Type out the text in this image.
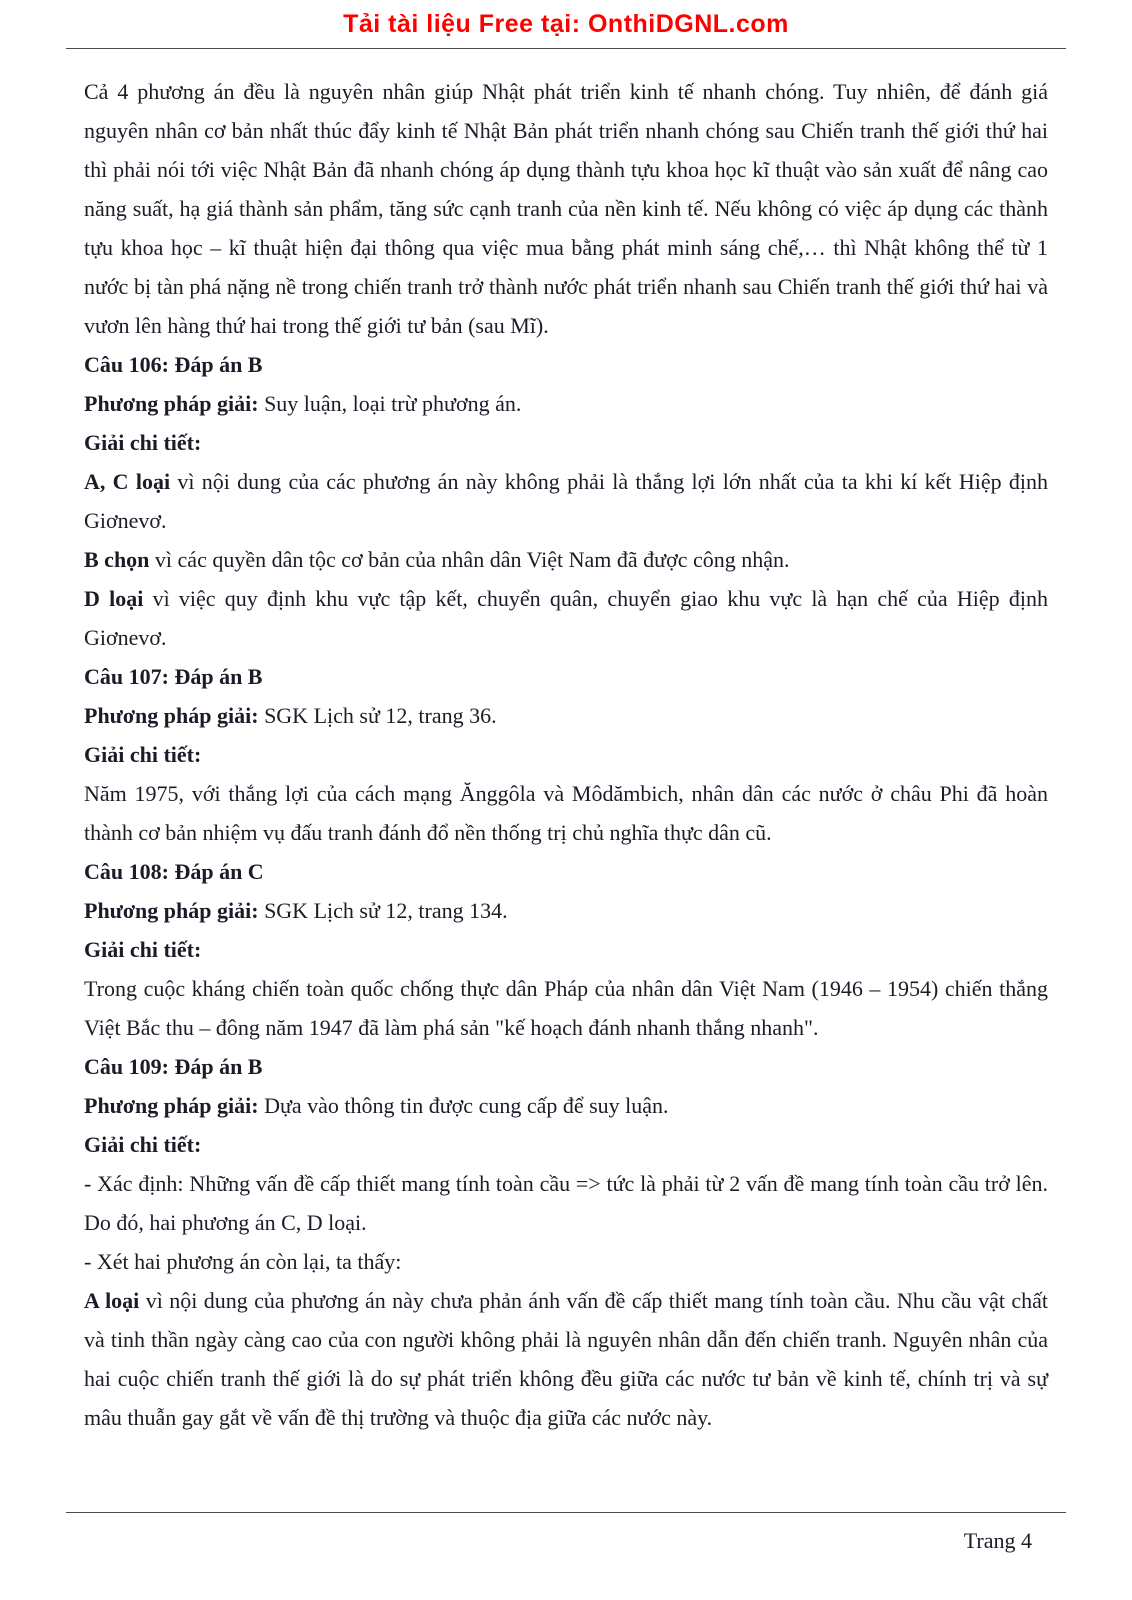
Tải tài liệu Free tại: OnthiDGNL.com

Cả 4 phương án đều là nguyên nhân giúp Nhật phát triển kinh tế nhanh chóng. Tuy nhiên, để đánh giá nguyên nhân cơ bản nhất thúc đẩy kinh tế Nhật Bản phát triển nhanh chóng sau Chiến tranh thế giới thứ hai thì phải nói tới việc Nhật Bản đã nhanh chóng áp dụng thành tựu khoa học kĩ thuật vào sản xuất để nâng cao năng suất, hạ giá thành sản phẩm, tăng sức cạnh tranh của nền kinh tế. Nếu không có việc áp dụng các thành tựu khoa học – kĩ thuật hiện đại thông qua việc mua bằng phát minh sáng chế,… thì Nhật không thể từ 1 nước bị tàn phá nặng nề trong chiến tranh trở thành nước phát triển nhanh sau Chiến tranh thế giới thứ hai và vươn lên hàng thứ hai trong thế giới tư bản (sau Mĩ).

Câu 106: Đáp án B

Phương pháp giải: Suy luận, loại trừ phương án.

Giải chi tiết:

A, C loại vì nội dung của các phương án này không phải là thắng lợi lớn nhất của ta khi kí kết Hiệp định Giơnevơ.

B chọn vì các quyền dân tộc cơ bản của nhân dân Việt Nam đã được công nhận.

D loại vì việc quy định khu vực tập kết, chuyển quân, chuyển giao khu vực là hạn chế của Hiệp định Giơnevơ.

Câu 107: Đáp án B

Phương pháp giải: SGK Lịch sử 12, trang 36.

Giải chi tiết:

Năm 1975, với thắng lợi của cách mạng Ănggôla và Môdămbich, nhân dân các nước ở châu Phi đã hoàn thành cơ bản nhiệm vụ đấu tranh đánh đổ nền thống trị chủ nghĩa thực dân cũ.

Câu 108: Đáp án C

Phương pháp giải: SGK Lịch sử 12, trang 134.

Giải chi tiết:

Trong cuộc kháng chiến toàn quốc chống thực dân Pháp của nhân dân Việt Nam (1946 – 1954) chiến thắng Việt Bắc thu – đông năm 1947 đã làm phá sản "kế hoạch đánh nhanh thắng nhanh".

Câu 109: Đáp án B

Phương pháp giải: Dựa vào thông tin được cung cấp để suy luận.

Giải chi tiết:

- Xác định: Những vấn đề cấp thiết mang tính toàn cầu => tức là phải từ 2 vấn đề mang tính toàn cầu trở lên. Do đó, hai phương án C, D loại.

- Xét hai phương án còn lại, ta thấy:

A loại vì nội dung của phương án này chưa phản ánh vấn đề cấp thiết mang tính toàn cầu. Nhu cầu vật chất và tinh thần ngày càng cao của con người không phải là nguyên nhân dẫn đến chiến tranh. Nguyên nhân của hai cuộc chiến tranh thế giới là do sự phát triển không đều giữa các nước tư bản về kinh tế, chính trị và sự mâu thuẫn gay gắt về vấn đề thị trường và thuộc địa giữa các nước này.

Trang 4
